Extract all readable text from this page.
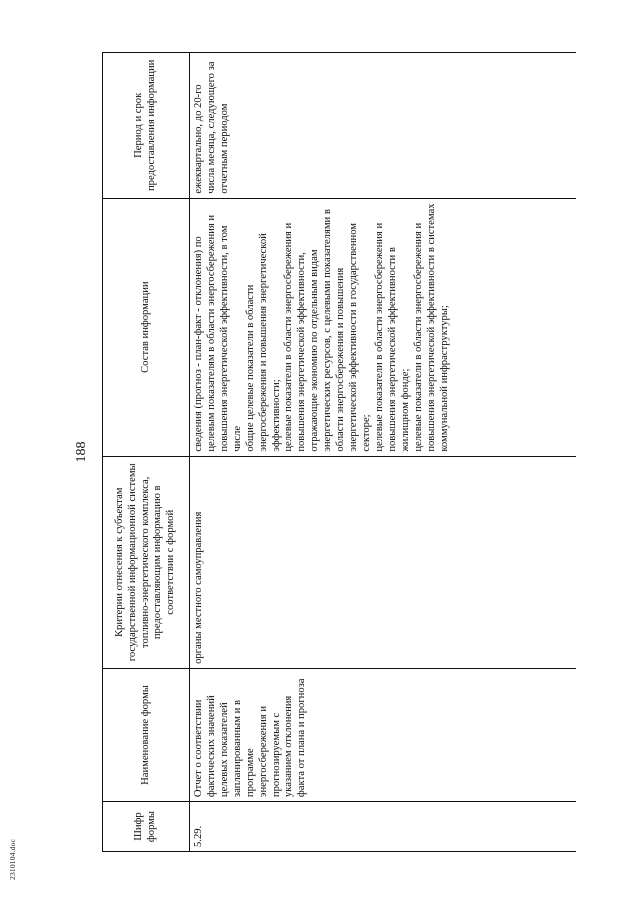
188
Шифр формы	Наименование формы	Критерии отнесения к субъектам государственной информационной системы топливно-энергетического комплекса, предоставляющим информацию в соответствии с формой	Состав информации	Период и срок предоставления информации
5.29.	Отчет о соответствии фактических значений целевых показателей запланированным и в программе энергосбережения и прогнозируемым с указанием отклонения факта от плана и прогноза	органы местного самоуправления	сведения (прогноз - план-факт - отклонения) по целевым показателям в области энергосбережения и повышения энергетической эффективности, в том числе
общие целевые показатели в области энергосбережения и повышения энергетической эффективности;
целевые показатели в области энергосбережения и повышения энергетической эффективности, отражающие экономию по отдельным видам энергетических ресурсов, с целевыми показателями в области энергосбережения и повышения энергетической эффективности в государственном секторе;
целевые показатели в области энергосбережения и повышения энергетической эффективности в жилищном фонде;
целевые показатели в области энергосбережения и повышения энергетической эффективности в системах коммунальной инфраструктуры;	ежеквартально, до 20-го числа месяца, следующего за отчетным периодом
2310104.doc
